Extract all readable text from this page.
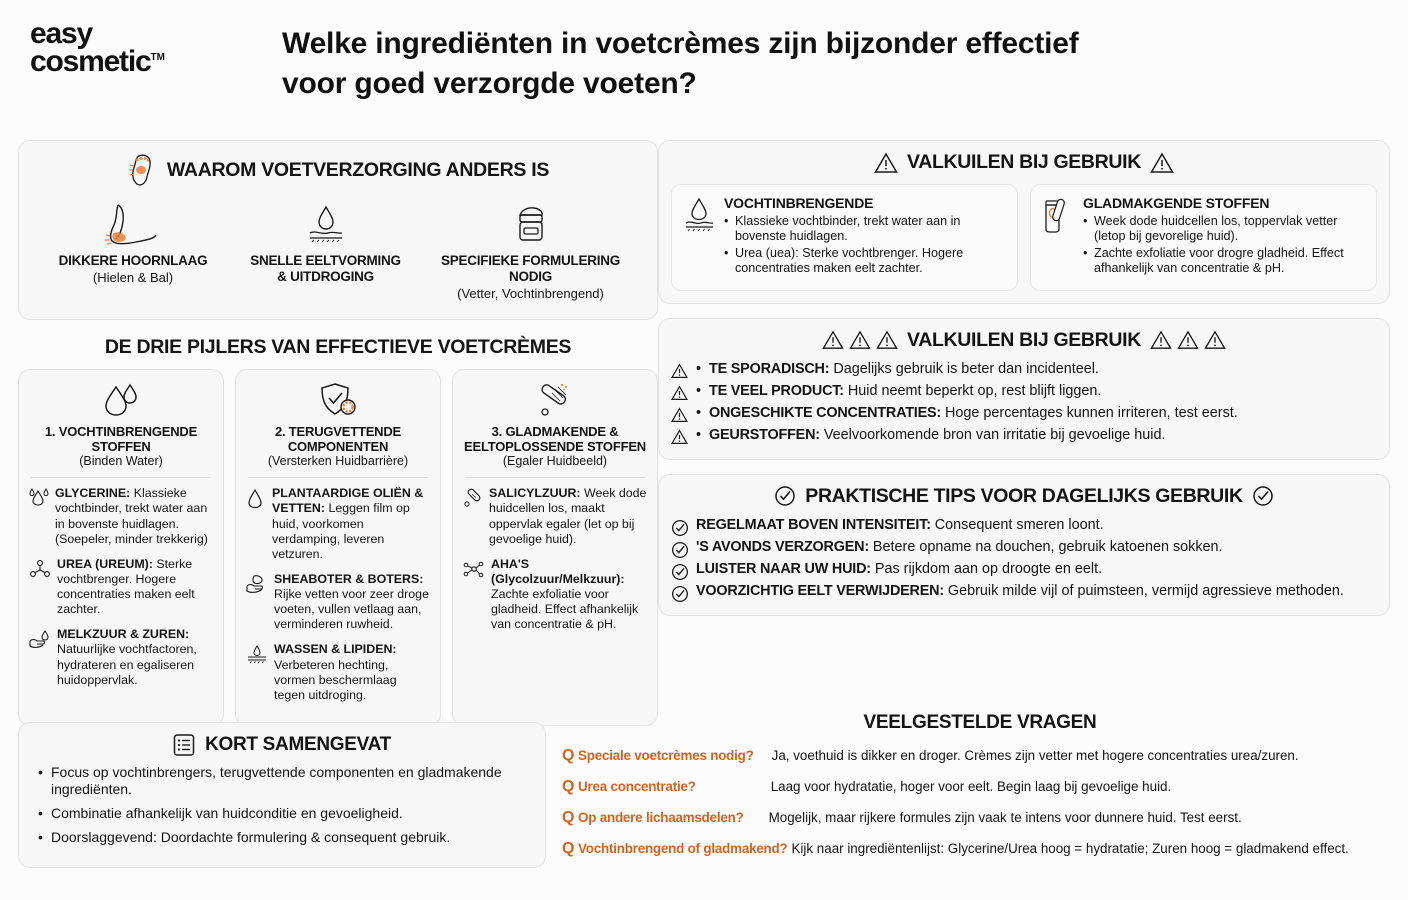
easy
cosmetic™	Welke ingrediënten in voetcrèmes zijn bijzonder effectief
voor goed verzorgde voeten?
WAAROM VOETVERZORGING ANDERS IS
DIKKERE HOORNLAAG
(Hielen & Bal)
SNELLE EELTVORMING
& UITDROGING
SPECIFIEKE FORMULERING NODIG
(Vetter, Vochtinbrengend)
DE DRIE PIJLERS VAN EFFECTIEVE VOETCRÈMES
1. VOCHTINBRENGENDE STOFFEN
(Binden Water)
GLYCERINE: Klassieke vochtbinder, trekt water aan in bovenste huidlagen. (Soepeler, minder trekkerig)
UREA (UREUM): Sterke vochtbrenger. Hogere concentraties maken eelt zachter.
MELKZUUR & ZUREN: Natuurlijke vochtfactoren, hydrateren en egaliseren huidoppervlak.
2. TERUGVETTENDE COMPONENTEN
(Versterken Huidbarrière)
PLANTAARDIGE OLIËN & VETTEN: Leggen film op huid, voorkomen verdamping, leveren vetzuren.
SHEABOTER & BOTERS: Rijke vetten voor zeer droge voeten, vullen vetlaag aan, verminderen ruwheid.
WASSEN & LIPIDEN: Verbeteren hechting, vormen beschermlaag tegen uitdroging.
3. GLADMAKENDE & EELTOPLOSSENDE STOFFEN
(Egaler Huidbeeld)
SALICYLZUUR: Week dode huidcellen los, maakt oppervlak egaler (let op bij gevoelige huid).
AHA'S (Glycolzuur/Melkzuur): Zachte exfoliatie voor gladheid. Effect afhankelijk van concentratie & pH.
VALKUILEN BIJ GEBRUIK
VOCHTINBRENGENDE
• Klassieke vochtbinder, trekt water aan in bovenste huidlagen.
• Urea (uea): Sterke vochtbrenger. Hogere concentraties maken eelt zachter.
GLADMAKGENDE STOFFEN
• Week dode huidcellen los, toppervlak vetter (letop bij gevorelige huid).
• Zachte exfoliatie voor drogre gladheid. Effect afhankelijk van concentratie & pH.
VALKUILEN BIJ GEBRUIK
• TE SPORADISCH: Dagelijks gebruik is beter dan incidenteel.
• TE VEEL PRODUCT: Huid neemt beperkt op, rest blijft liggen.
• ONGESCHIKTE CONCENTRATIES: Hoge percentages kunnen irriteren, test eerst.
• GEURSTOFFEN: Veelvoorkomende bron van irritatie bij gevoelige huid.
PRAKTISCHE TIPS VOOR DAGELIJKS GEBRUIK
REGELMAAT BOVEN INTENSITEIT: Consequent smeren loont.
'S AVONDS VERZORGEN: Betere opname na douchen, gebruik katoenen sokken.
LUISTER NAAR UW HUID: Pas rijkdom aan op droogte en eelt.
VOORZICHTIG EELT VERWIJDEREN: Gebruik milde vijl of puimsteen, vermijd agressieve methoden.
KORT SAMENGEVAT
• Focus op vochtinbrengers, terugvettende componenten en gladmakende ingrediënten.
• Combinatie afhankelijk van huidconditie en gevoeligheid.
• Doorslaggevend: Doordachte formulering & consequent gebruik.
VEELGESTELDE VRAGEN
Q Speciale voetcrèmes nodig? Ja, voethuid is dikker en droger. Crèmes zijn vetter met hogere concentraties urea/zuren.
Q Urea concentratie?	Laag voor hydratatie, hoger voor eelt. Begin laag bij gevoelige huid.
Q Op andere lichaamsdelen? Mogelijk, maar rijkere formules zijn vaak te intens voor dunnere huid. Test eerst.
Q Vochtinbrengend of gladmakend? Kijk naar ingrediëntenlijst: Glycerine/Urea hoog = hydratatie; Zuren hoog = gladmakend effect.
